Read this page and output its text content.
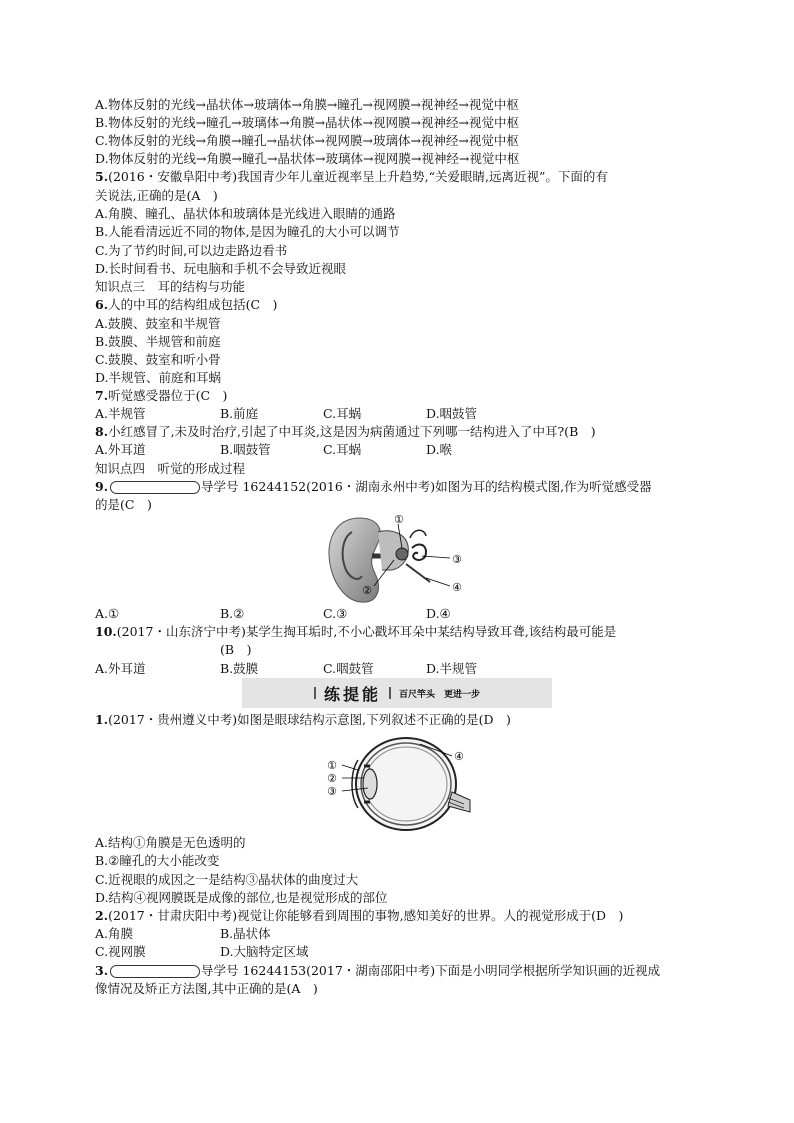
A.物体反射的光线→晶状体→玻璃体→角膜→瞳孔→视网膜→视神经→视觉中枢
B.物体反射的光线→瞳孔→玻璃体→角膜→晶状体→视网膜→视神经→视觉中枢
C.物体反射的光线→角膜→瞳孔→晶状体→视网膜→玻璃体→视神经→视觉中枢
D.物体反射的光线→角膜→瞳孔→晶状体→玻璃体→视网膜→视神经→视觉中枢
5.(2016・安徽阜阳中考)我国青少年儿童近视率呈上升趋势,“关爱眼睛,远离近视”。下面的有
关说法,正确的是(A　)
A.角膜、瞳孔、晶状体和玻璃体是光线进入眼睛的通路
B.人能看清远近不同的物体,是因为瞳孔的大小可以调节
C.为了节约时间,可以边走路边看书
D.长时间看书、玩电脑和手机不会导致近视眼
知识点三　耳的结构与功能
6.人的中耳的结构组成包括(C　)
A.鼓膜、鼓室和半规管
B.鼓膜、半规管和前庭
C.鼓膜、鼓室和听小骨
D.半规管、前庭和耳蜗
7.听觉感受器位于(C　)
A.半规管	B.前庭	C.耳蜗	D.咽鼓管
8.小红感冒了,未及时治疗,引起了中耳炎,这是因为病菌通过下列哪一结构进入了中耳?(B　)
A.外耳道	B.咽鼓管	C.耳蜗	D.喉
知识点四　听觉的形成过程
9.	导学号 16244152(2016・湖南永州中考)如图为耳的结构模式图,作为听觉感受器
的是(C　)
①
②
③
④
A.①	B.②	C.③	D.④
10.(2017・山东济宁中考)某学生掏耳垢时,不小心戳坏耳朵中某结构导致耳聋,该结构最可能是
(B　)
A.外耳道	B.鼓膜	C.咽鼓管	D.半规管
练提能 百尺竿头　更进一步
1.(2017・贵州遵义中考)如图是眼球结构示意图,下列叙述不正确的是(D　)
①
②
③
④
A.结构①角膜是无色透明的
B.②瞳孔的大小能改变
C.近视眼的成因之一是结构③晶状体的曲度过大
D.结构④视网膜既是成像的部位,也是视觉形成的部位
2.(2017・甘肃庆阳中考)视觉让你能够看到周围的事物,感知美好的世界。人的视觉形成于(D　)
A.角膜	B.晶状体
C.视网膜	D.大脑特定区域
3.	导学号 16244153(2017・湖南邵阳中考)下面是小明同学根据所学知识画的近视成
像情况及矫正方法图,其中正确的是(A　)
